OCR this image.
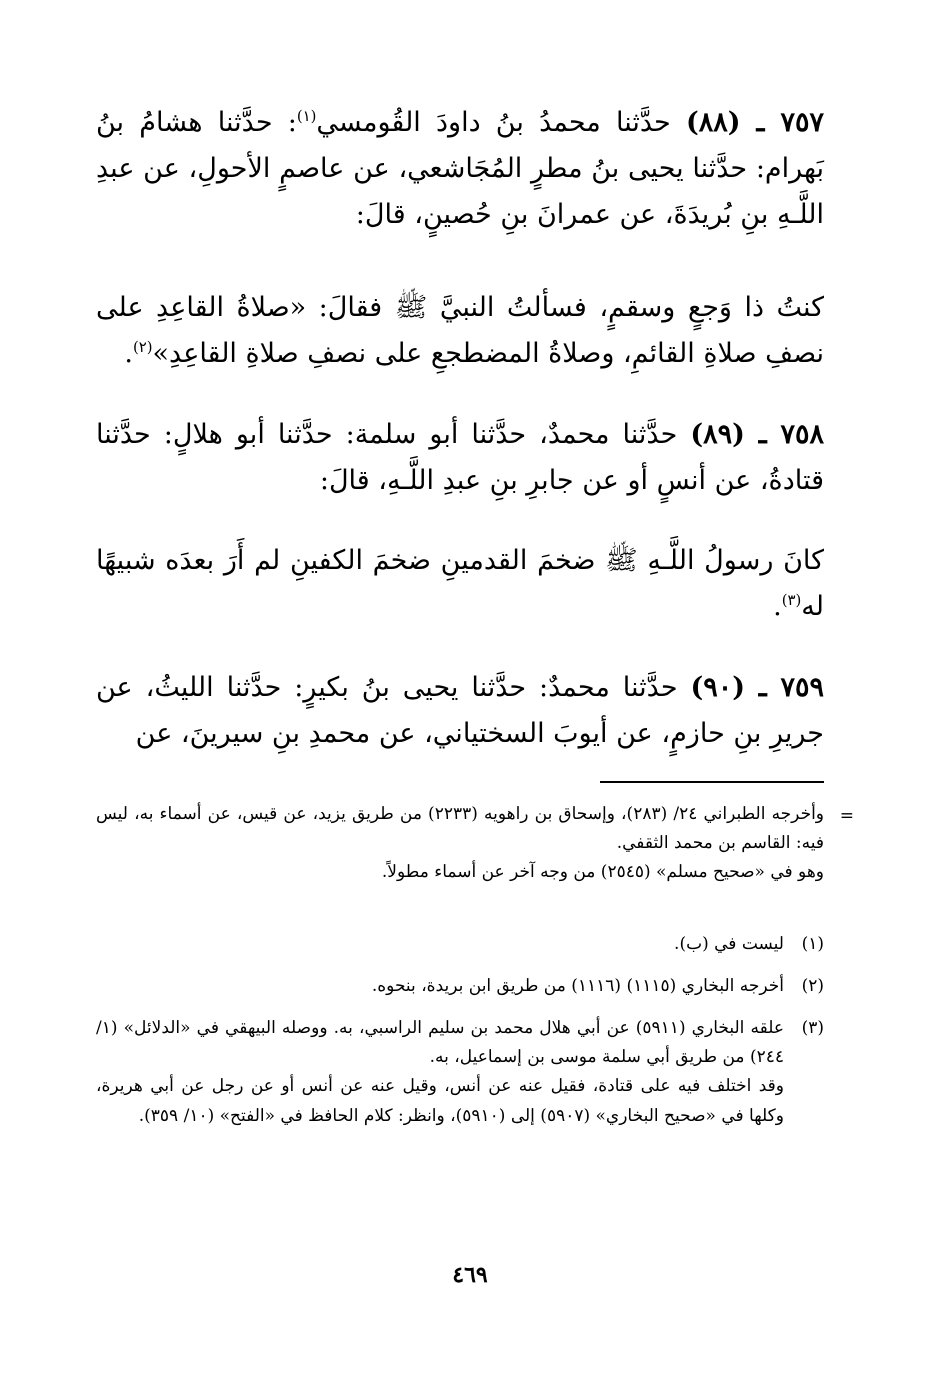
٧٥٧ ـ (٨٨) حدَّثنا محمدُ بنُ داودَ القُومسي$^{(١)}$: حدَّثنا هشامُ بنُ بَهرام: حدَّثنا يحيى بنُ مطرٍ المُجَاشعي، عن عاصمٍ الأحولِ، عن عبدِ اللَّـهِ بنِ بُريدَةَ، عن عمرانَ بنِ حُصينٍ، قالَ:

كنتُ ذا وَجعٍ وسقمٍ، فسألتُ النبيَّ ﷺ فقالَ: «صلاةُ القاعِدِ على نصفِ صلاةِ القائمِ، وصلاةُ المضطجعِ على نصفِ صلاةِ القاعِدِ»$^{(٢)}$.

٧٥٨ ـ (٨٩) حدَّثنا محمدٌ، حدَّثنا أبو سلمة: حدَّثنا أبو هلالٍ: حدَّثنا قتادةُ، عن أنسٍ أو عن جابرِ بنِ عبدِ اللَّـهِ، قالَ:

كانَ رسولُ اللَّـهِ ﷺ ضخمَ القدمينِ ضخمَ الكفينِ لم أَرَ بعدَه شبيهًا له$^{(٣)}$.

٧٥٩ ـ (٩٠) حدَّثنا محمدٌ: حدَّثنا يحيى بنُ بكيرٍ: حدَّثنا الليثُ، عن جريرِ بنِ حازمٍ، عن أيوبَ السختياني، عن محمدِ بنِ سيرينَ، عن

=
وأخرجه الطبراني ٢٤/ (٢٨٣)، وإسحاق بن راهويه (٢٢٣٣) من طريق يزيد، عن قيس، عن أسماء به، ليس فيه: القاسم بن محمد الثقفي.
وهو في «صحيح مسلم» (٢٥٤٥) من وجه آخر عن أسماء مطولاً.
(١)
ليست في (ب).
(٢)
أخرجه البخاري (١١١٥) (١١١٦) من طريق ابن بريدة، بنحوه.
(٣)
علقه البخاري (٥٩١١) عن أبي هلال محمد بن سليم الراسبي، به. ووصله البيهقي في «الدلائل» (١/ ٢٤٤) من طريق أبي سلمة موسى بن إسماعيل، به.
وقد اختلف فيه على قتادة، فقيل عنه عن أنس، وقيل عنه عن أنس أو عن رجل عن أبي هريرة، وكلها في «صحيح البخاري» (٥٩٠٧) إلى (٥٩١٠)، وانظر: كلام الحافظ في «الفتح» (١٠/ ٣٥٩).
٤٦٩
